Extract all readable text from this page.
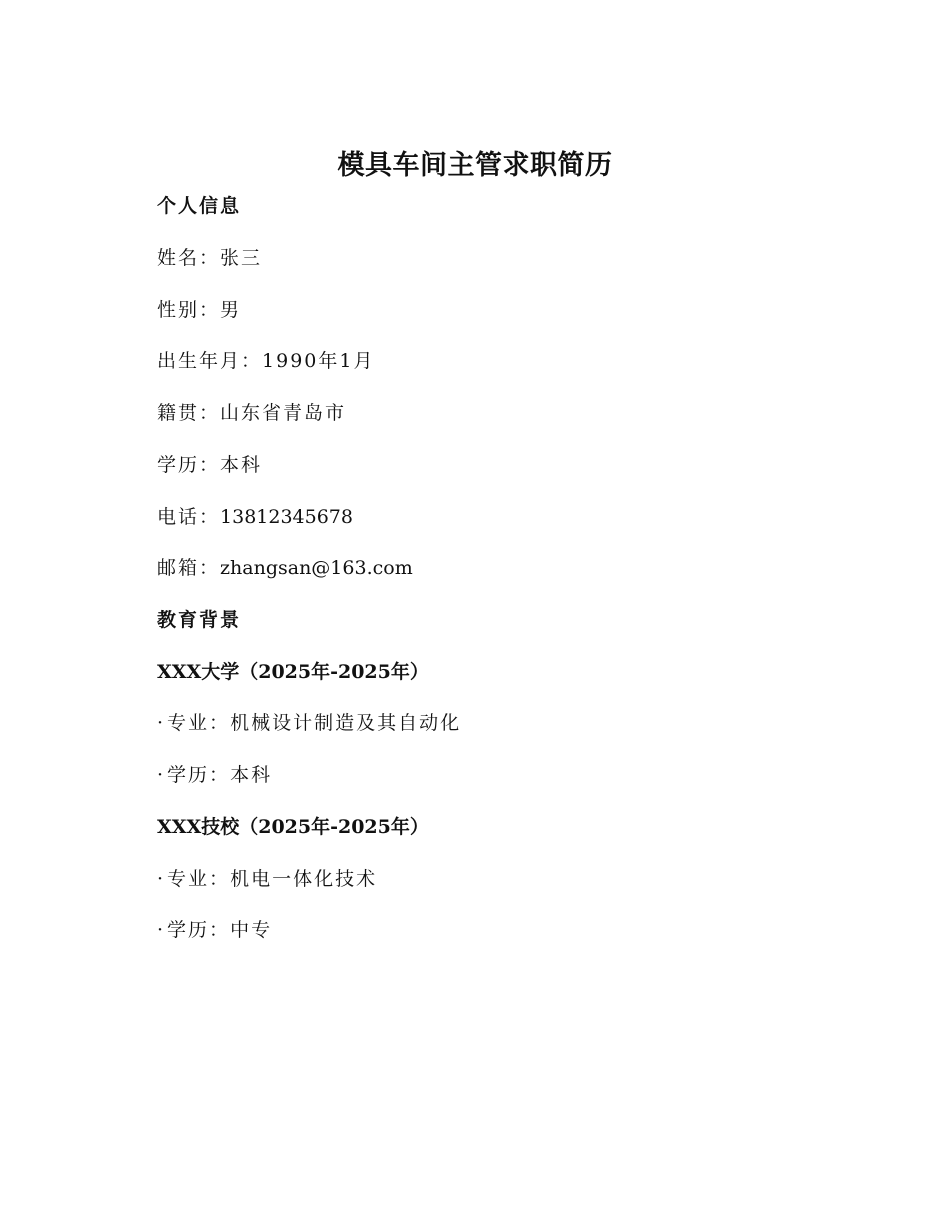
模具车间主管求职简历
个人信息
姓名：张三
性别：男
出生年月：1990年1月
籍贯：山东省青岛市
学历：本科
电话：13812345678
邮箱：zhangsan@163.com
教育背景
XXX大学（2025年-2025年）
· 专业：机械设计制造及其自动化
· 学历：本科
XXX技校（2025年-2025年）
· 专业：机电一体化技术
· 学历：中专
